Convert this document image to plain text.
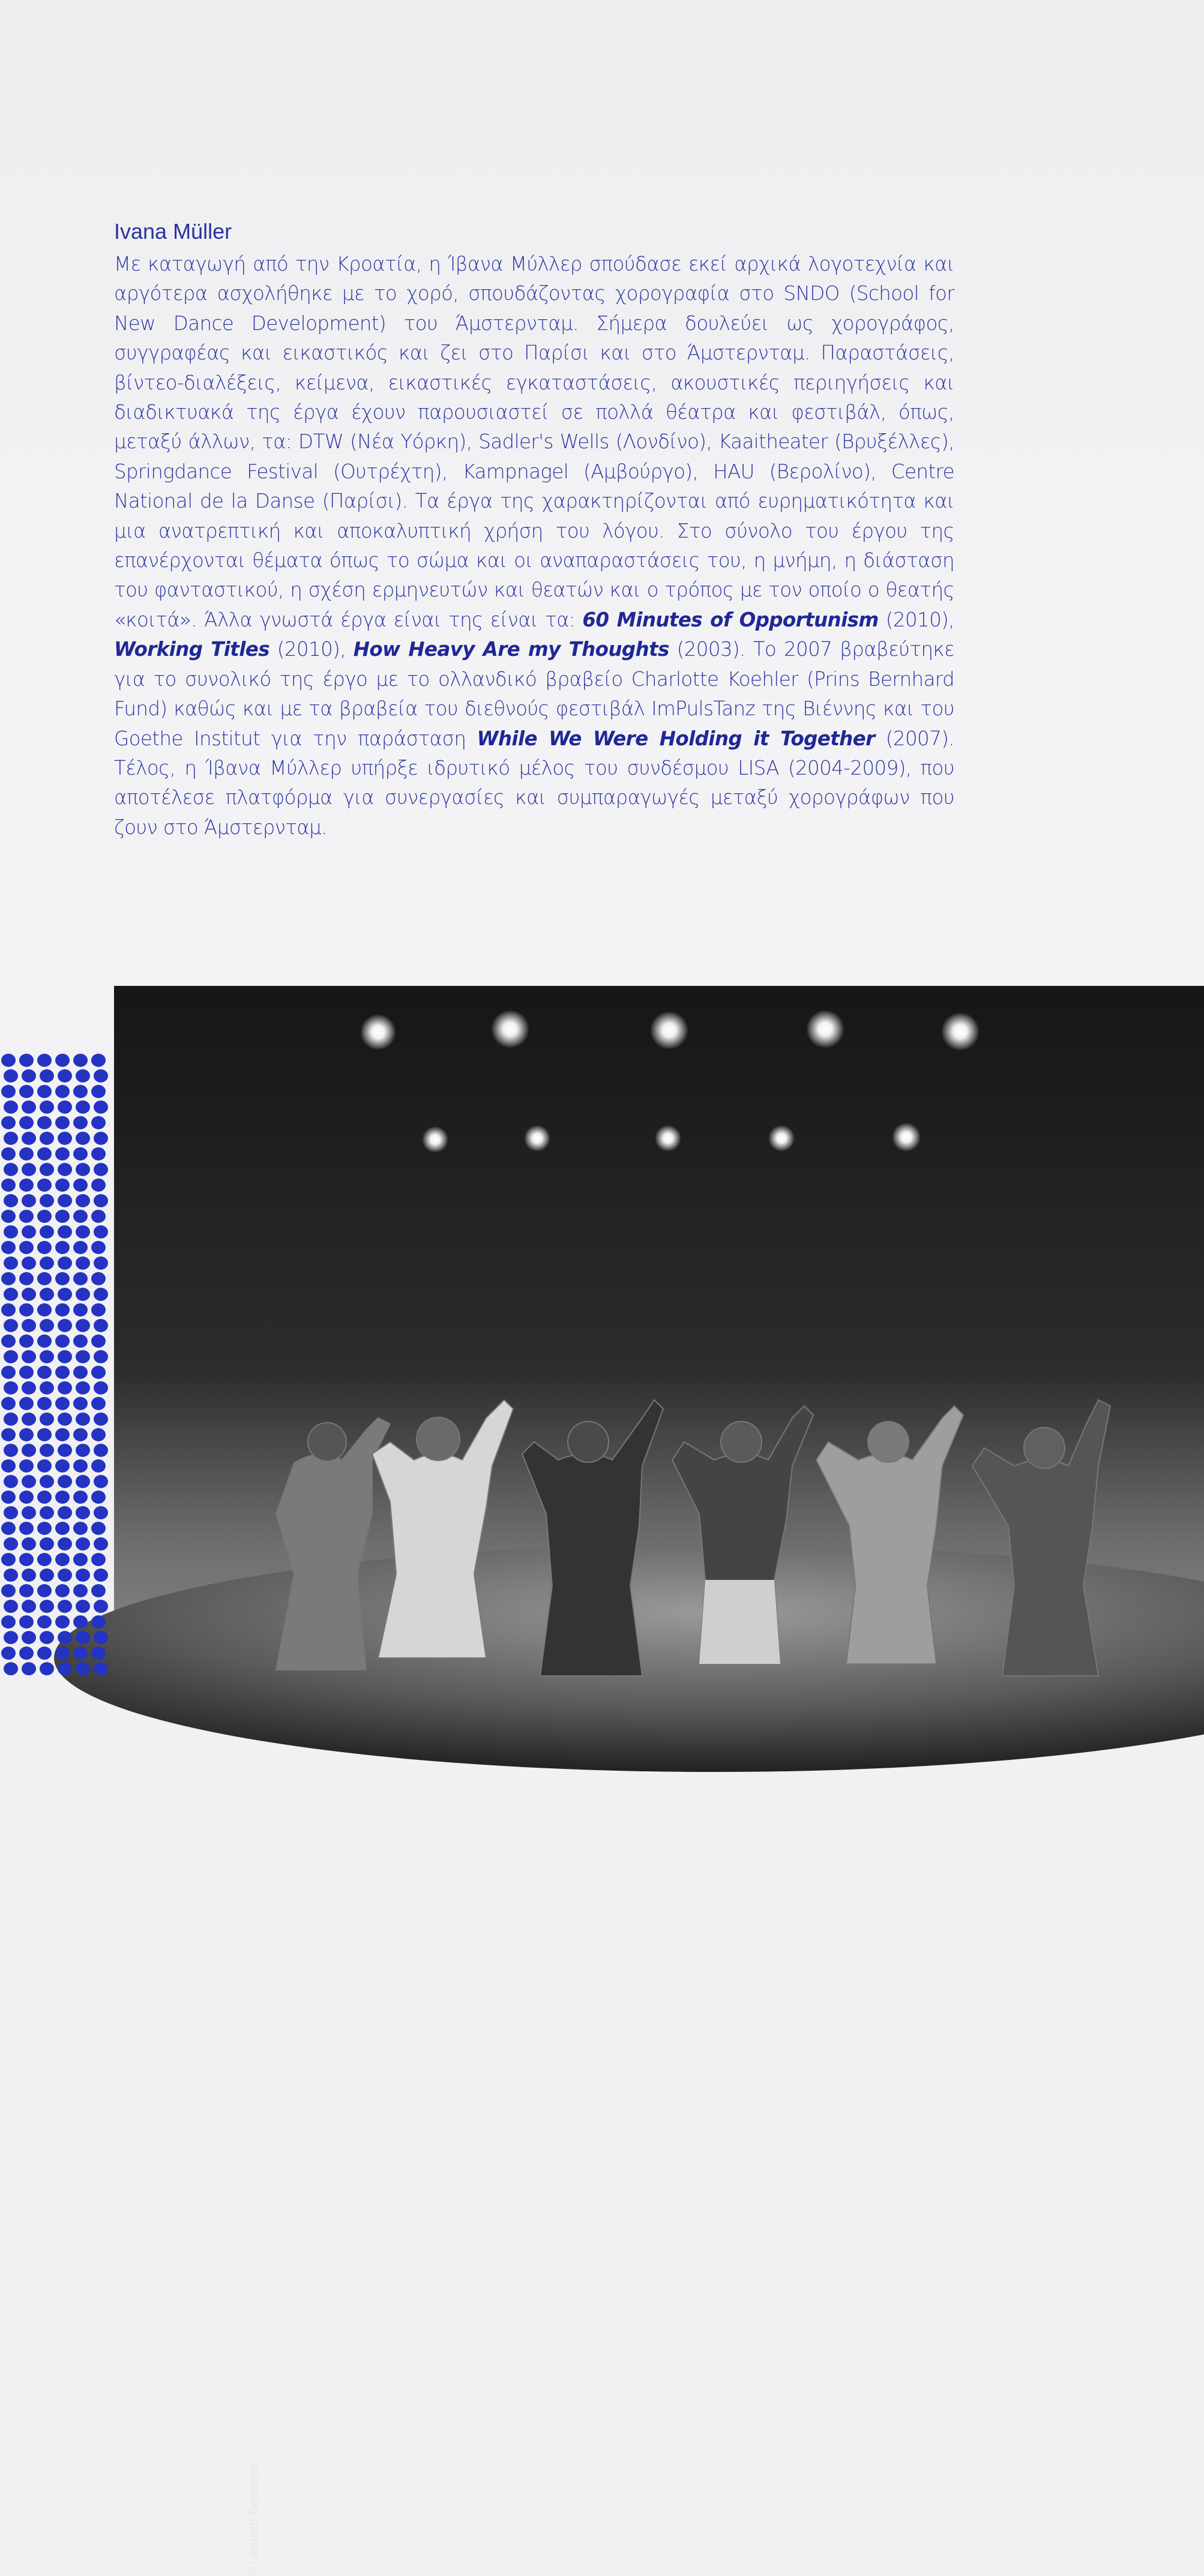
Ivana Müller

Με καταγωγή από την Κροατία, η Ίβανα Μύλλερ σπούδασε εκεί αρχικά λογοτεχνία και αργότερα ασχολήθηκε με το χορό, σπουδάζοντας χορογραφία στο SNDO (School for New Dance Development) του Άμστερνταμ. Σήμερα δουλεύει ως χορογράφος, συγγραφέας και εικαστικός και ζει στο Παρίσι και στο Άμστερνταμ. Παραστάσεις, βίντεο-διαλέξεις, κείμενα, εικαστικές εγκαταστάσεις, ακουστικές περιηγήσεις και διαδικτυακά της έργα έχουν παρουσιαστεί σε πολλά θέατρα και φεστιβάλ, όπως, μεταξύ άλλων, τα: DTW (Νέα Υόρκη), Sadler's Wells (Λονδίνο), Kaaitheater (Βρυξέλλες), Springdance Festival (Ουτρέχτη), Kampnagel (Αμβούργο), HAU (Βερολίνο), Centre National de la Danse (Παρίσι). Τα έργα της χαρακτηρίζονται από ευρηματικότητα και μια ανατρεπτική και αποκαλυπτική χρήση του λόγου. Στο σύνολο του έργου της επανέρχονται θέματα όπως το σώμα και οι αναπαραστάσεις του, η μνήμη, η διάσταση του φανταστικού, η σχέση ερμηνευτών και θεατών και ο τρόπος με τον οποίο ο θεατής «κοιτά». Άλλα γνωστά έργα είναι της είναι τα: 60 Minutes of Opportunism (2010), Working Titles (2010), How Heavy Are my Thoughts (2003). Το 2007 βραβεύτηκε για το συνολικό της έργο με το ολλανδικό βραβείο Charlotte Koehler (Prins Bernhard Fund) καθώς και με τα βραβεία του διεθνούς φεστιβάλ ImPulsTanz της Βιέννης και του Goethe Institut για την παράσταση While We Were Holding it Together (2007). Τέλος, η Ίβανα Μύλλερ υπήρξε ιδρυτικό μέλος του συνδέσμου LISA (2004-2009), που αποτέλεσε πλατφόρμα για συνεργασίες και συμπαραγωγές μεταξύ χορογράφων που ζουν στο Άμστερνταμ.

© Liesbeth Bernaerts
